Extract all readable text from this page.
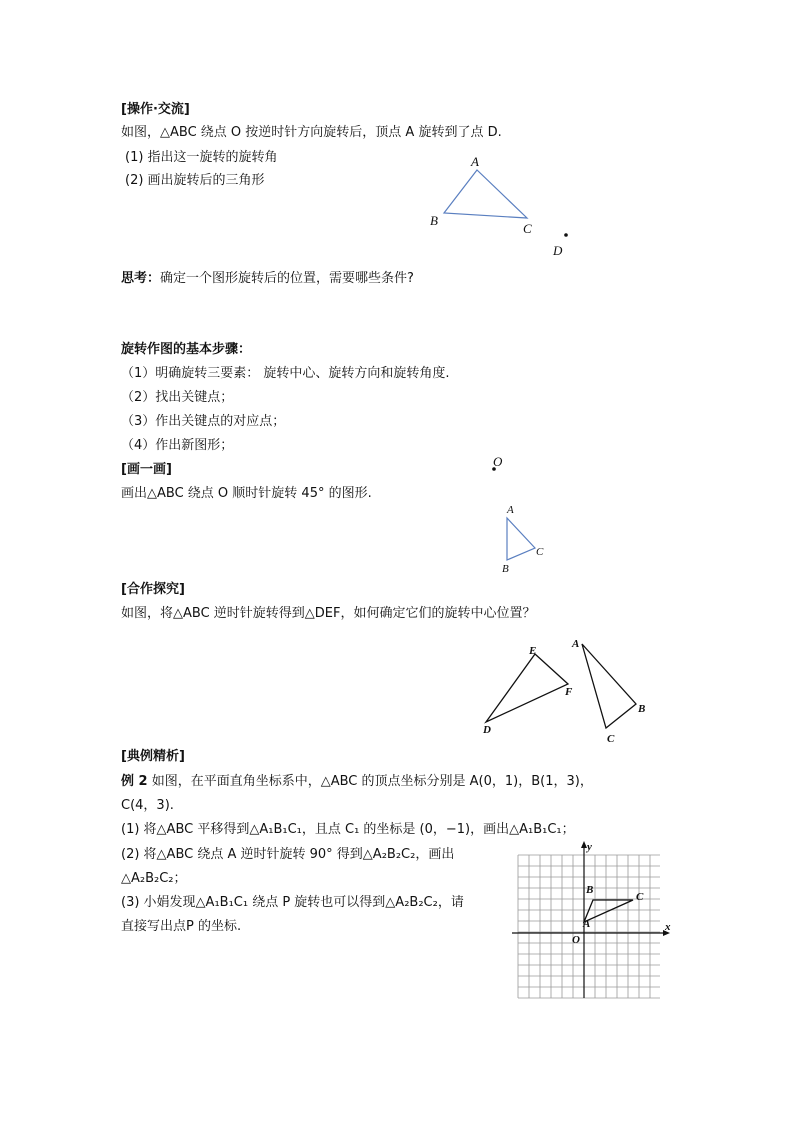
[操作·交流]
如图，△ABC 绕点 O 按逆时针方向旋转后，顶点 A 旋转到了点 D.
(1) 指出这一旋转的旋转角
(2) 画出旋转后的三角形
A
B
C
D
思考：确定一个图形旋转后的位置，需要哪些条件?
旋转作图的基本步骤：
（1）明确旋转三要素： 旋转中心、旋转方向和旋转角度.
（2）找出关键点；
（3）作出关键点的对应点；
（4）作出新图形；
[画一画]
画出△ABC 绕点 O 顺时针旋转 45° 的图形.
O
A
B
C
[合作探究]
如图，将△ABC 逆时针旋转得到△DEF，如何确定它们的旋转中心位置？
D
E
F
A
B
C
[典例精析]
例 2 如图，在平面直角坐标系中，△ABC 的顶点坐标分别是 A(0，1)，B(1，3)，
C(4，3).
(1) 将△ABC 平移得到△A₁B₁C₁，且点 C₁ 的坐标是 (0，−1)，画出△A₁B₁C₁；
(2) 将△ABC 绕点 A 逆时针旋转 90° 得到△A₂B₂C₂，画出
△A₂B₂C₂；
(3) 小娟发现△A₁B₁C₁ 绕点 P 旋转也可以得到△A₂B₂C₂，请
直接写出点P 的坐标.	x
y
O
A
B
C
